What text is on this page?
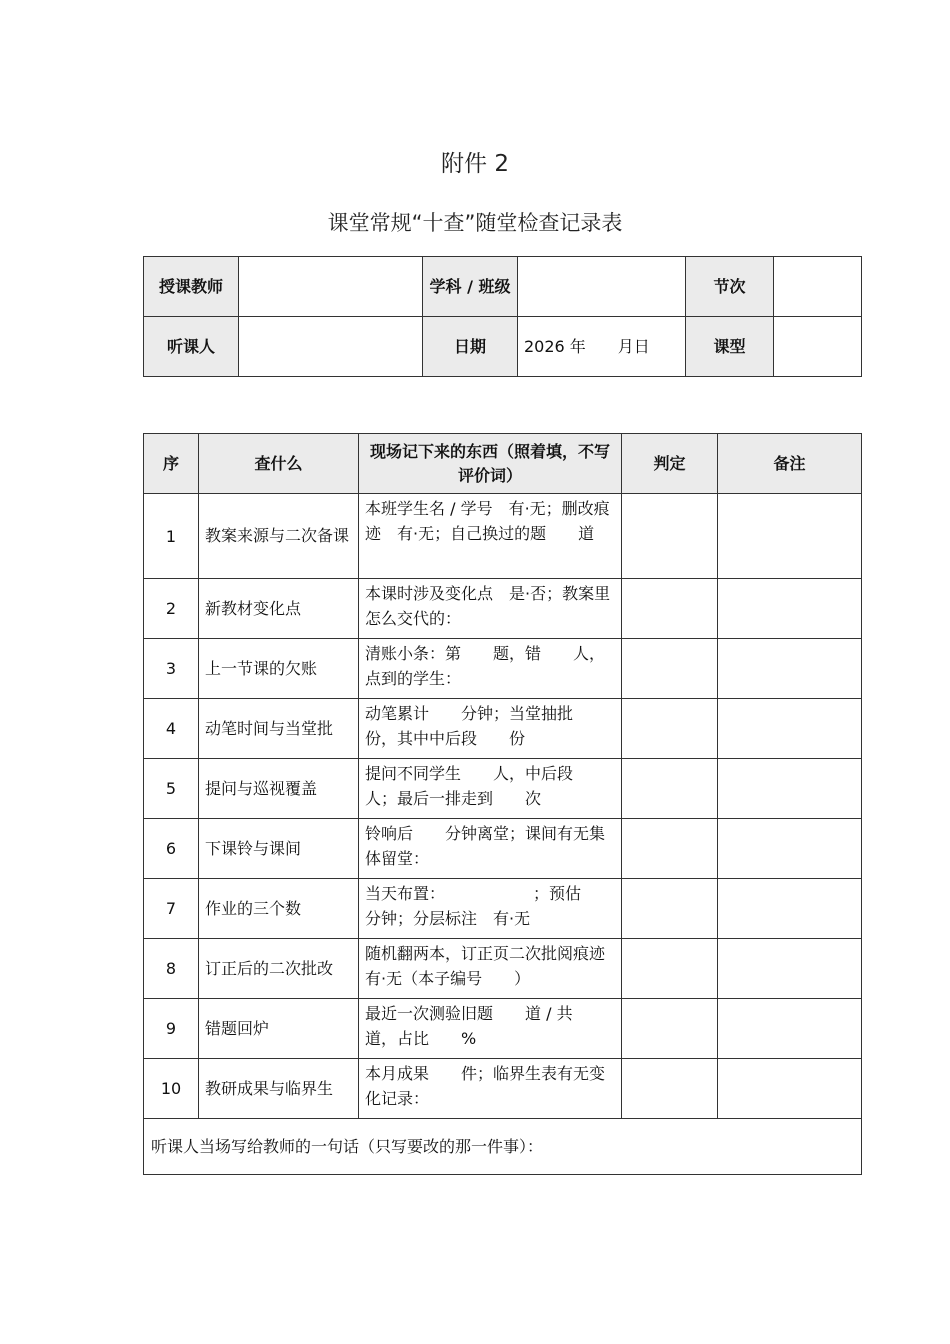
附件 2
课堂常规“十查”随堂检查记录表
授课教师		学科 / 班级		节次	
听课人		日期	2026 年　　月日	课型	
序	查什么	现场记下来的东西（照着填，不写评价词）	判定	备注
1	教案来源与二次备课	本班学生名 / 学号　有·无；删改痕迹　有·无；自己换过的题　　道		
2	新教材变化点	本课时涉及变化点　是·否；教案里怎么交代的：		
3	上一节课的欠账	清账小条：第　　题，错　　人，点到的学生：		
4	动笔时间与当堂批	动笔累计　　分钟；当堂抽批　　份，其中中后段　　份		
5	提问与巡视覆盖	提问不同学生　　人，中后段　　人；最后一排走到　　次		
6	下课铃与课间	铃响后　　分钟离堂；课间有无集体留堂：		
7	作业的三个数	当天布置：　　　　　　；预估　　分钟；分层标注　有·无		
8	订正后的二次批改	随机翻两本，订正页二次批阅痕迹　有·无（本子编号　　）		
9	错题回炉	最近一次测验旧题　　道 / 共　　道，占比　　%		
10	教研成果与临界生	本月成果　　件；临界生表有无变化记录：		
听课人当场写给教师的一句话（只写要改的那一件事）：				
